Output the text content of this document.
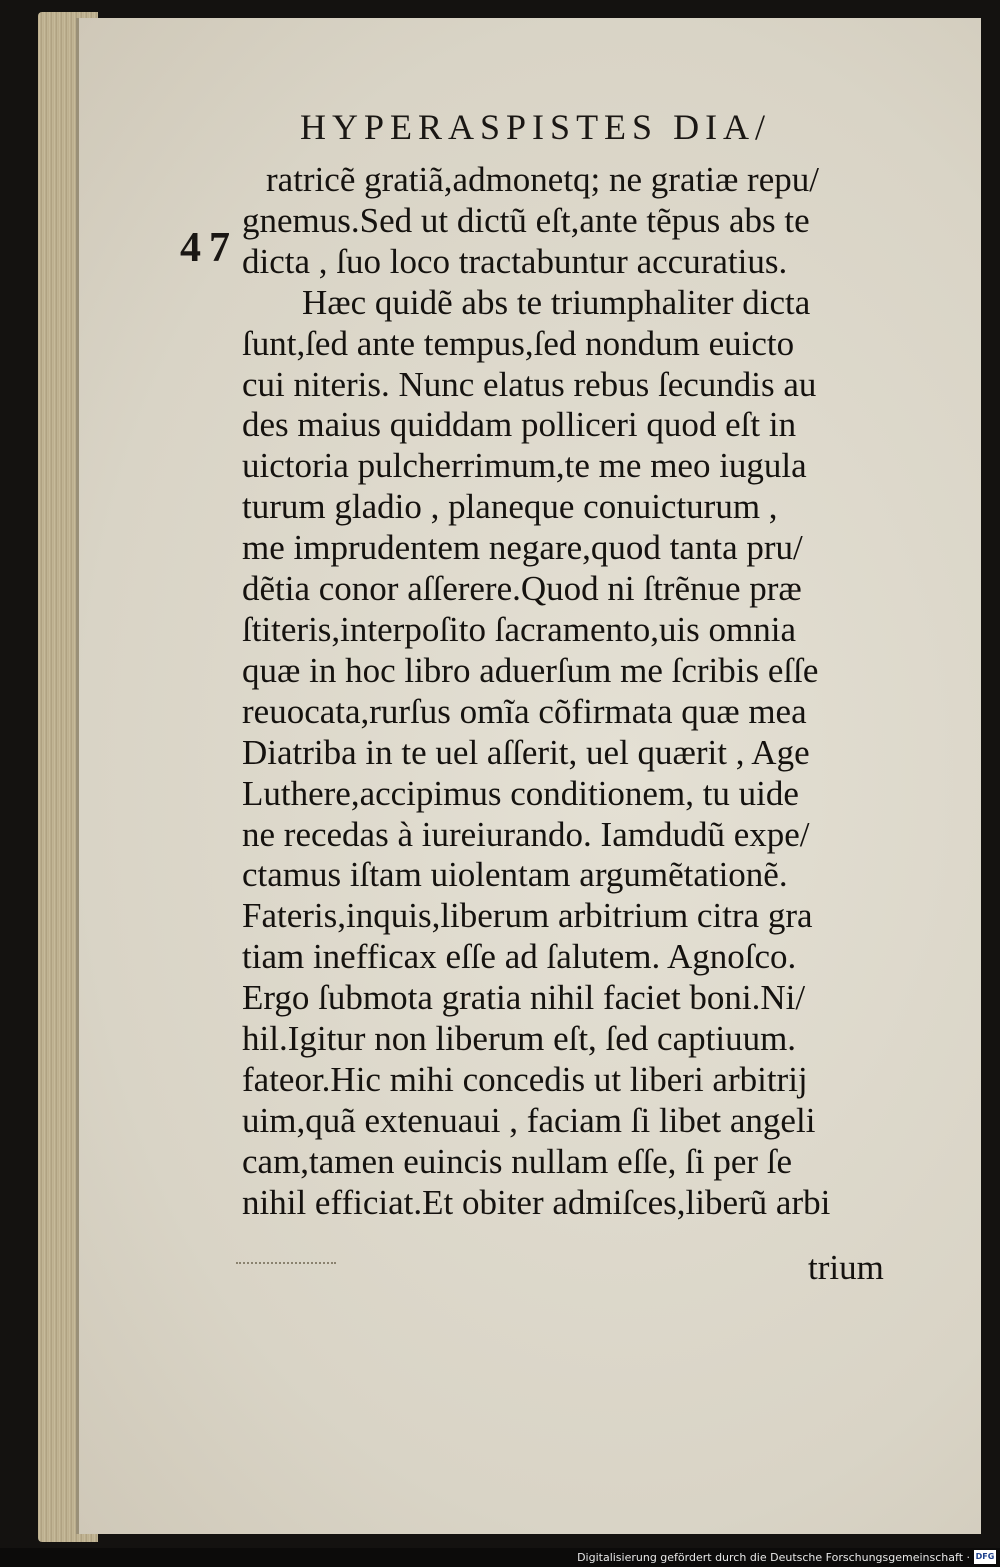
HYPERASPISTES DIA/
47
ratricẽ gratiã,admonetq; ne gratiæ repu/
gnemus.Sed ut dictũ eſt,ante tẽpus abs te
dicta , ſuo loco tractabuntur accuratius.
Hæc quidẽ abs te triumphaliter dicta
ſunt,ſed ante tempus,ſed nondum euicto
cui niteris. Nunc elatus rebus ſecundis au
des maius quiddam polliceri quod eſt in
uictoria pulcherrimum,te me meo iugula
turum gladio , planeque conuicturum ,
me imprudentem negare,quod tanta pru/
dẽtia conor aſſerere.Quod ni ſtrẽnue præ
ſtiteris,interpoſito ſacramento,uis omnia
quæ in hoc libro aduerſum me ſcribis eſſe
reuocata,rurſus omĩa cõfirmata quæ mea
Diatriba in te uel aſſerit, uel quærit , Age
Luthere,accipimus conditionem, tu uide
ne recedas à iureiurando. Iamdudũ expe/
ctamus iſtam uiolentam argumẽtationẽ.
Fateris,inquis,liberum arbitrium citra gra
tiam inefficax eſſe ad ſalutem. Agnoſco.
Ergo ſubmota gratia nihil faciet boni.Ni/
hil.Igitur non liberum eſt, ſed captiuum.
fateor.Hic mihi concedis ut liberi arbitrij
uim,quã extenuaui , faciam ſi libet angeli
cam,tamen euincis nullam eſſe, ſi per ſe
nihil efficiat.Et obiter admiſces,liberũ arbi
trium
Digitalisierung gefördert durch die Deutsche Forschungsgemeinschaft · DFG
